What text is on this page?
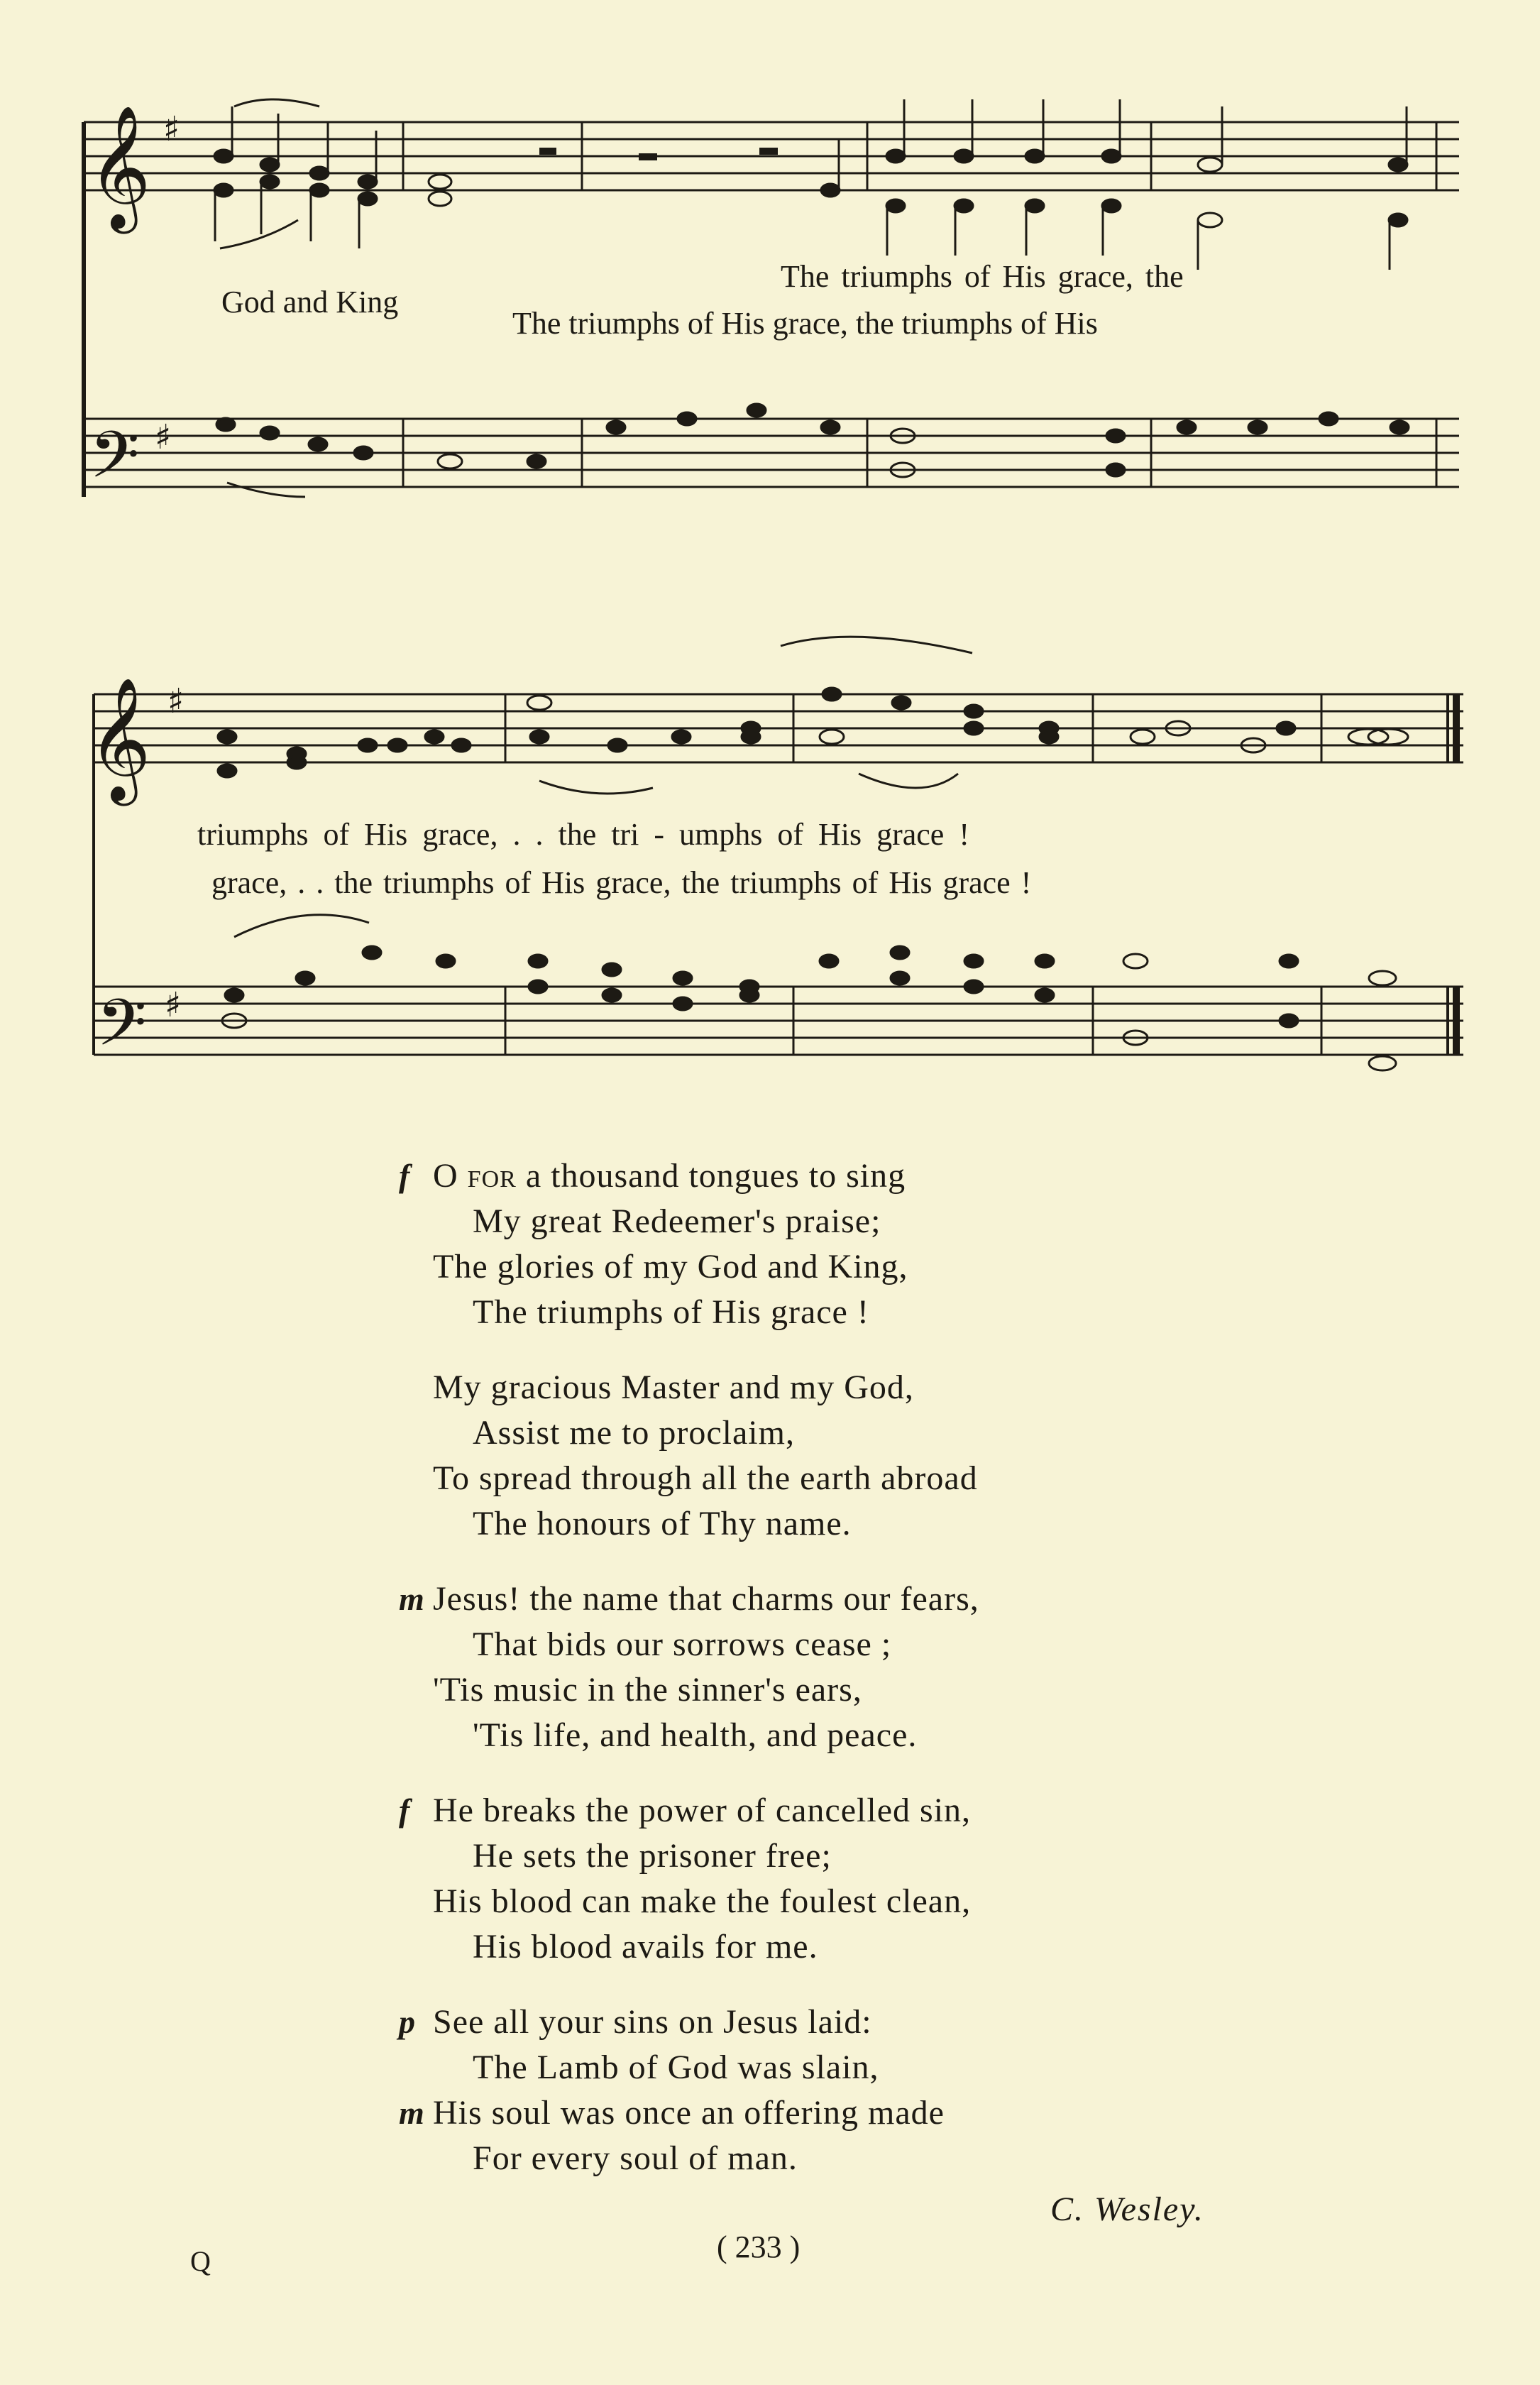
𝄞
𝄞
𝄢
𝄢
♯
♯
♯
♯
God and King
The triumphs of His grace, the
The triumphs of His grace, the triumphs of His
triumphs of His grace, . . the tri - umphs of His grace !
grace, . . the triumphs of His grace, the triumphs of His grace !
f O for a thousand tongues to sing
My great Redeemer's praise;
The glories of my God and King,
The triumphs of His grace !
My gracious Master and my God,
Assist me to proclaim,
To spread through all the earth abroad
The honours of Thy name.
m Jesus! the name that charms our fears,
That bids our sorrows cease ;
'Tis music in the sinner's ears,
'Tis life, and health, and peace.
f He breaks the power of cancelled sin,
He sets the prisoner free;
His blood can make the foulest clean,
His blood avails for me.
p See all your sins on Jesus laid:
The Lamb of God was slain,
m His soul was once an offering made
For every soul of man.
C. Wesley.
Q	( 233 )
